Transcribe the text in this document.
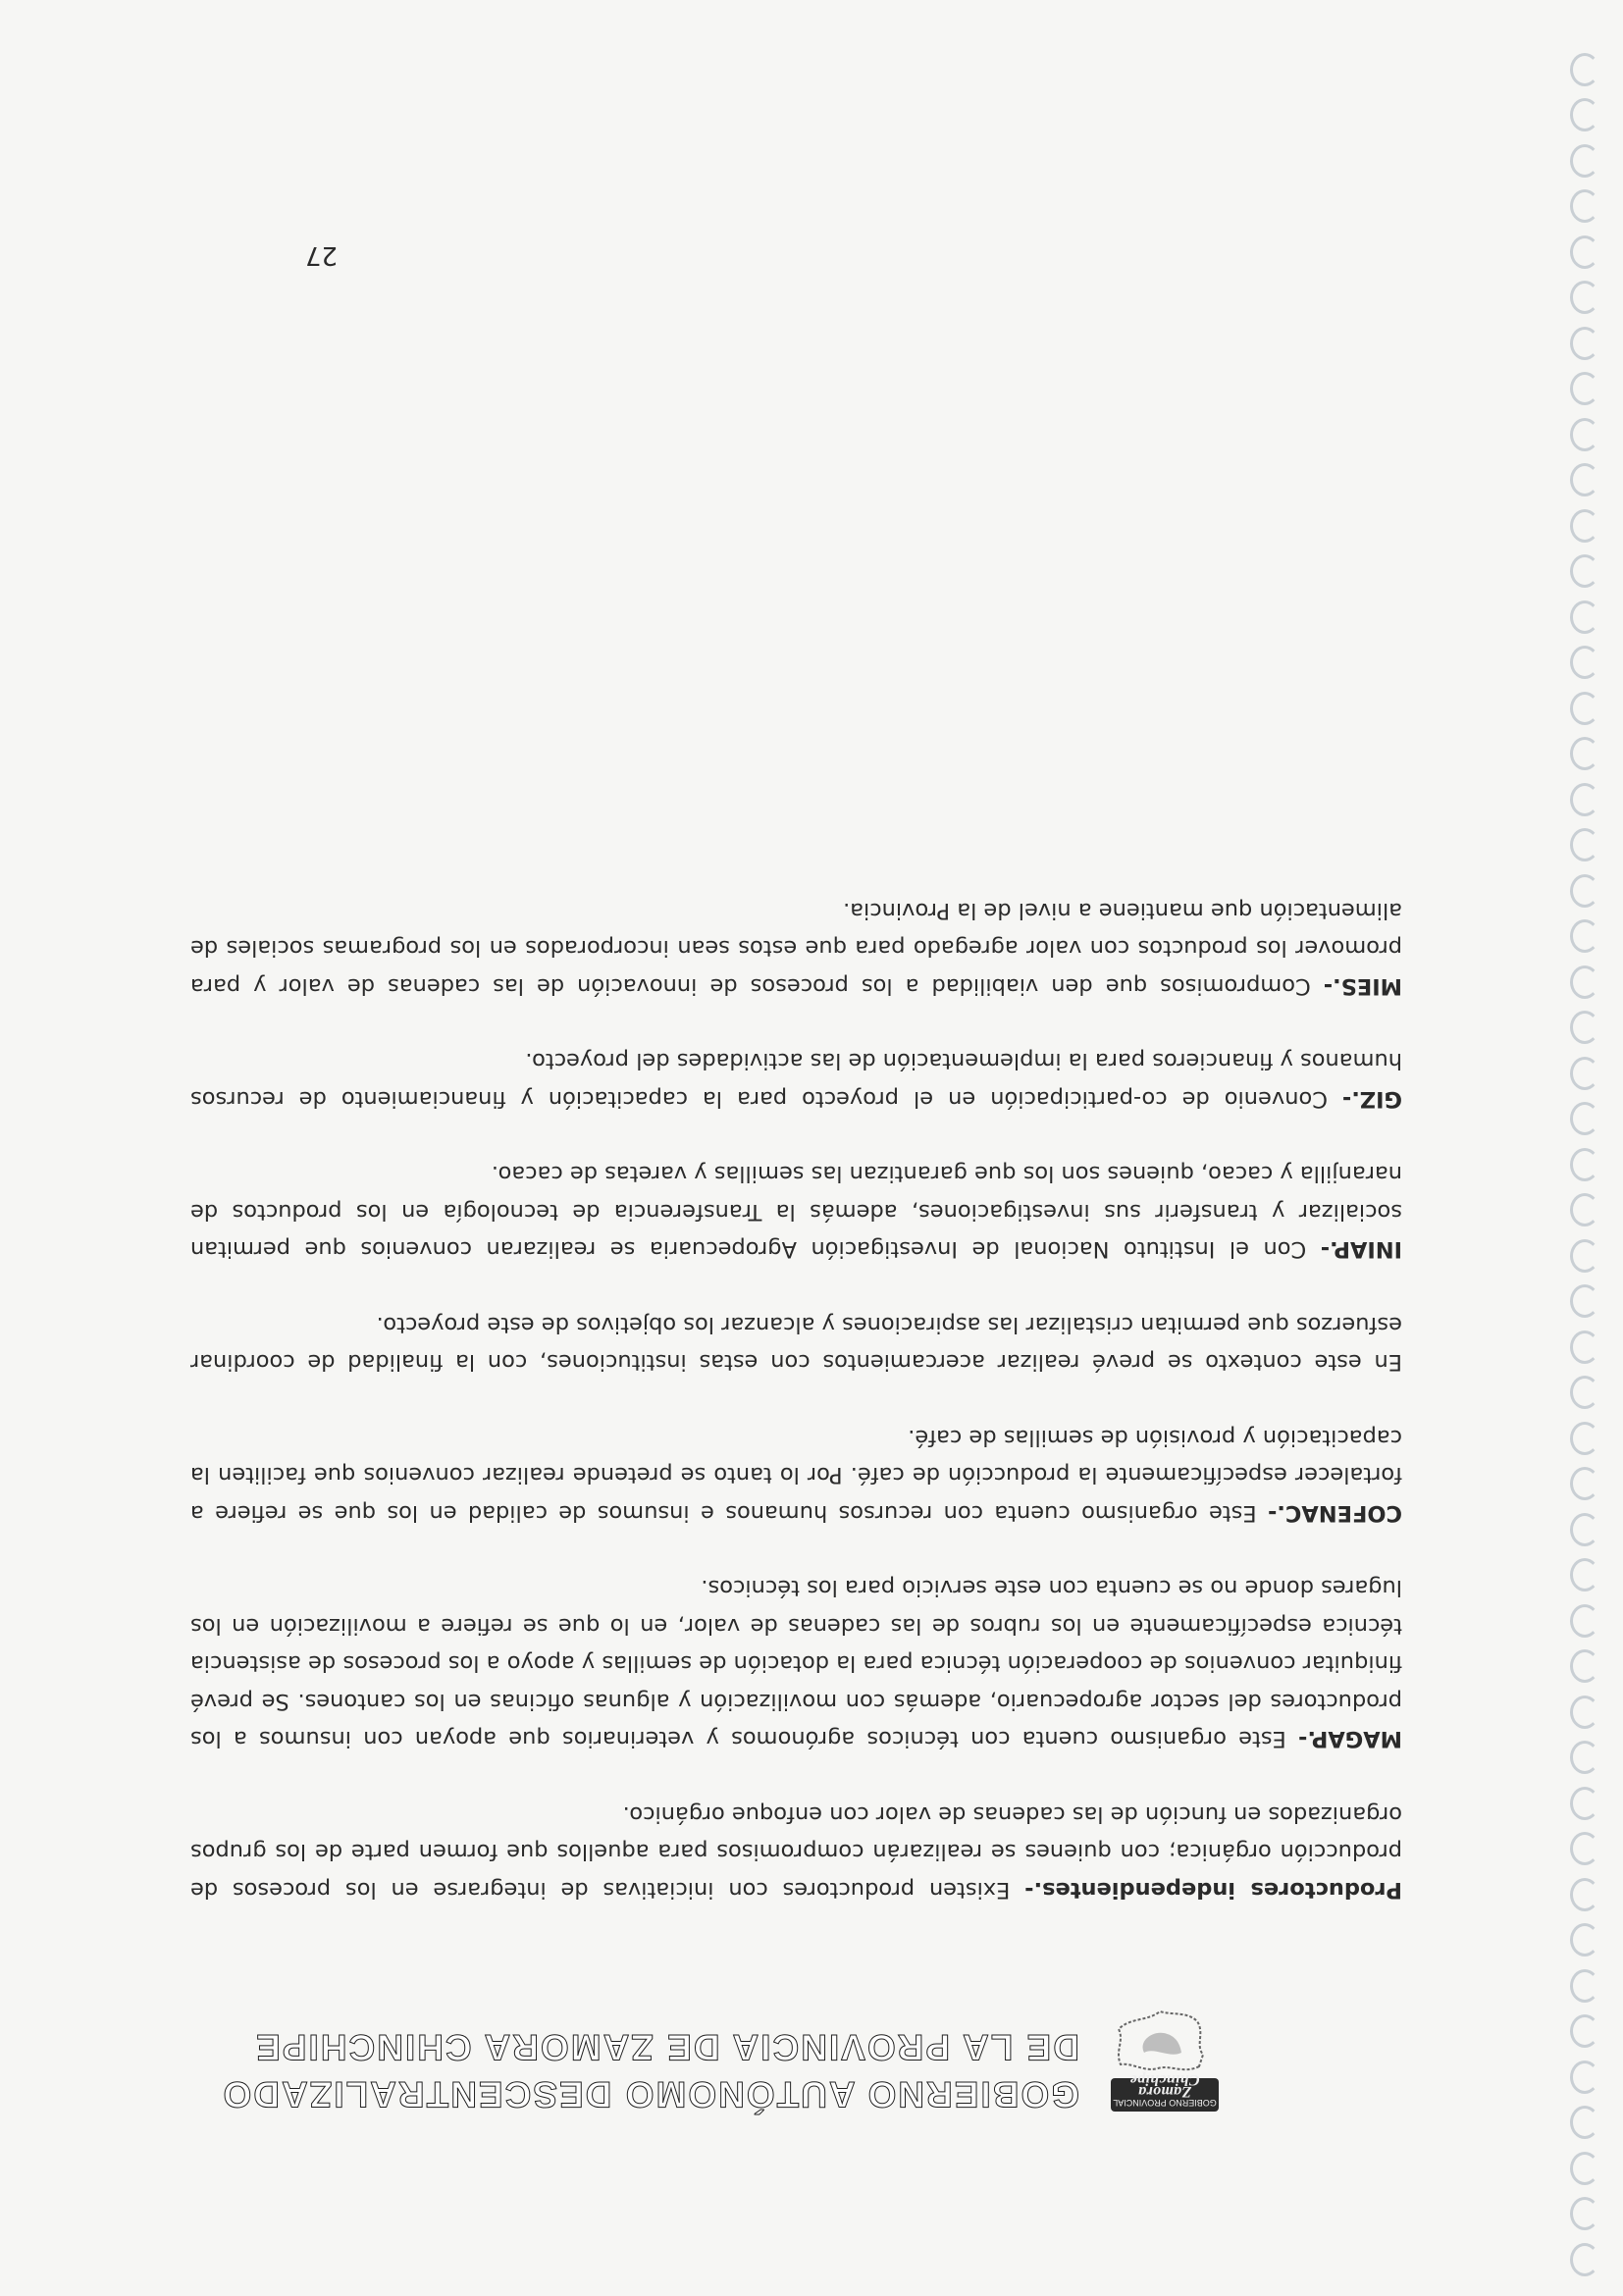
GOBIERNO PROVINCIAL
Zamora Chinchipe
GOBIERNO AUTÓNOMO DESCENTRALIZADO
DE LA PROVINCIA DE ZAMORA CHINCHIPE

Productores independientes.- Existen productores con iniciativas de integrarse en los procesos de producción orgánica; con quienes se realizarán compromisos para aquellos que formen parte de los grupos organizados en función de las cadenas de valor con enfoque orgánico.

MAGAP.- Este organismo cuenta con técnicos agrónomos y veterinarios que apoyan con insumos a los productores del sector agropecuario, además con movilización y algunas oficinas en los cantones. Se prevé finiquitar convenios de cooperación técnica para la dotación de semillas y apoyo a los procesos de asistencia técnica específicamente en los rubros de las cadenas de valor, en lo que se refiere a movilización en los lugares donde no se cuenta con este servicio para los técnicos.

COFENAC.- Este organismo cuenta con recursos humanos e insumos de calidad en los que se refiere a fortalecer específicamente la producción de café. Por lo tanto se pretende realizar convenios que faciliten la capacitación y provisión de semillas de café.

En este contexto se prevé realizar acercamientos con estas instituciones, con la finalidad de coordinar esfuerzos que permitan cristalizar las aspiraciones y alcanzar los objetivos de este proyecto.

INIAP.- Con el Instituto Nacional de Investigación Agropecuaria se realizaran convenios que permitan socializar y transferir sus investigaciones, además la Transferencia de tecnología en los productos de naranjilla y cacao, quienes son los que garantizan las semillas y varetas de cacao.

GIZ.- Convenio de co-participación en el proyecto para la capacitación y financiamiento de recursos humanos y financieros para la implementación de las actividades del proyecto.

MIES.- Compromisos que den viabilidad a los procesos de innovación de las cadenas de valor y para promover los productos con valor agregado para que estos sean incorporados en los programas sociales de alimentación que mantiene a nivel de la Provincia.

27
